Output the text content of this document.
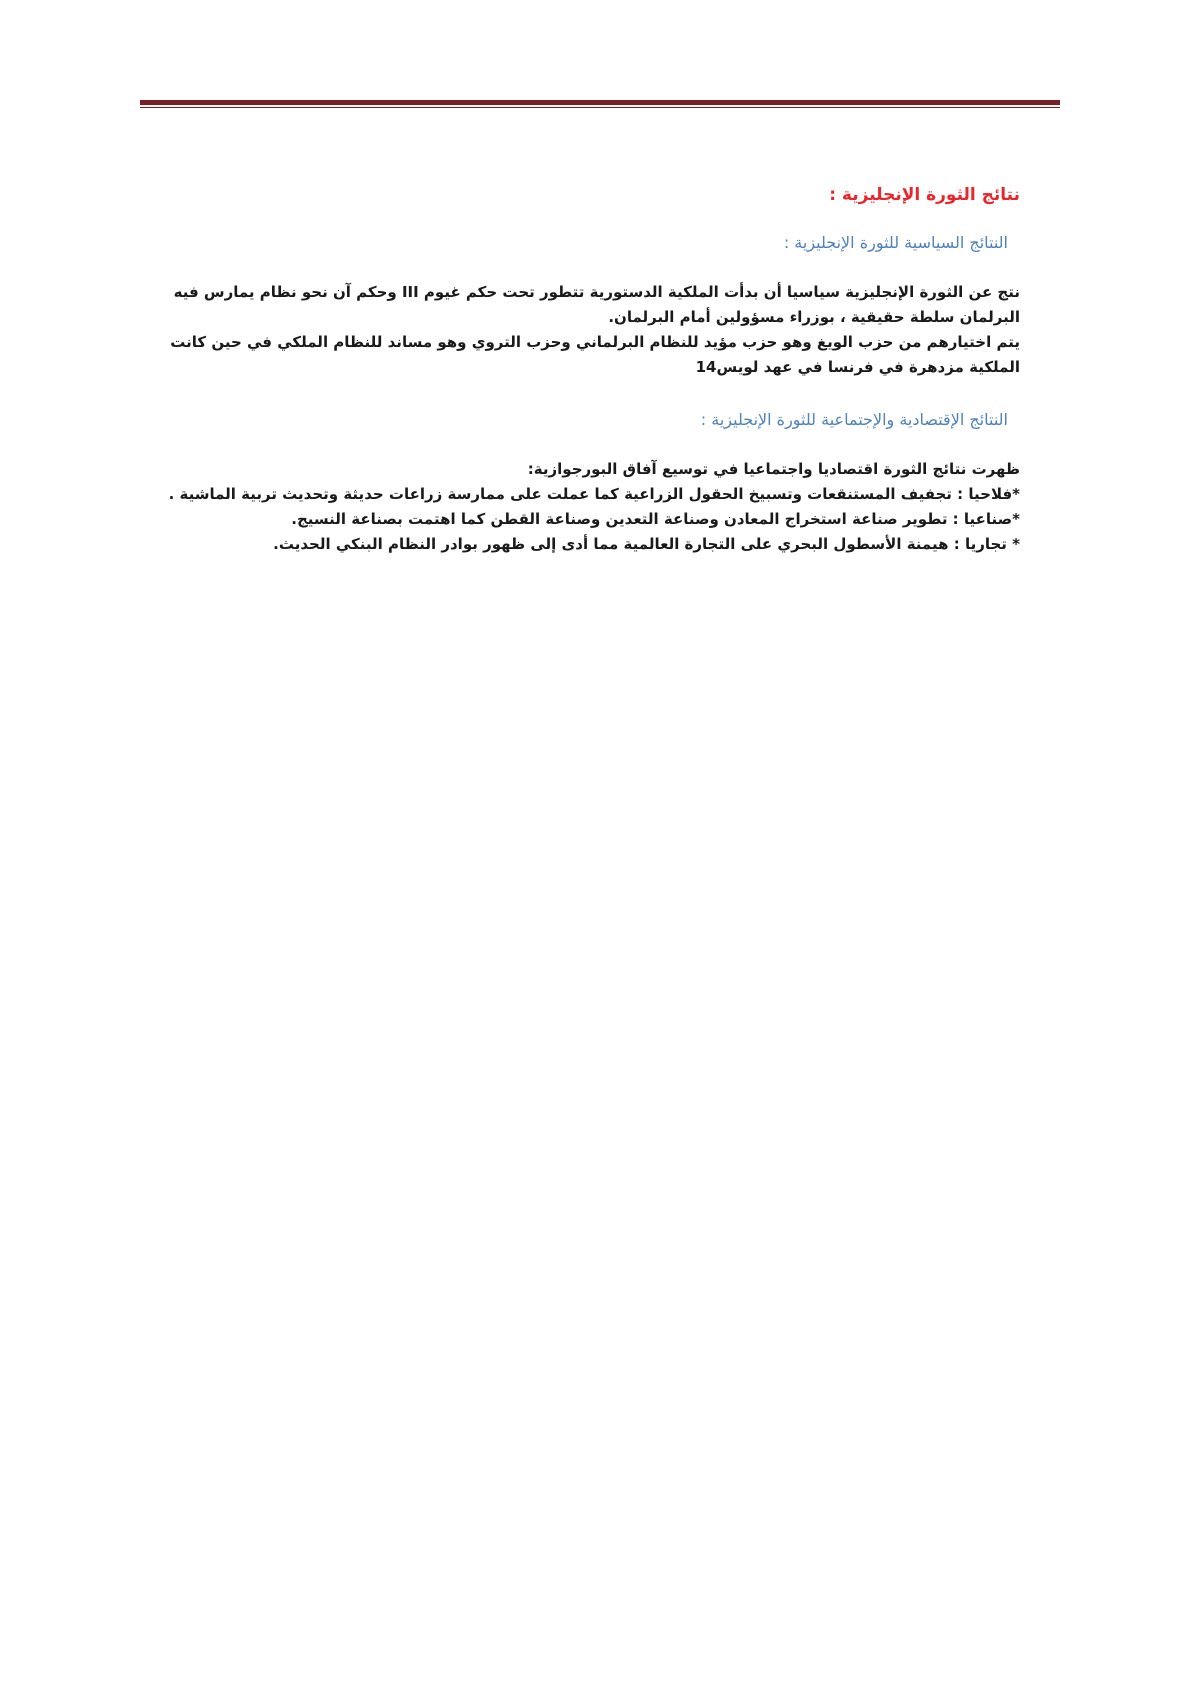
نتائج الثورة الإنجليزية :
النتائج السياسية للثورة الإنجليزية :

نتج عن الثورة الإنجليزية سياسيا أن بدأت الملكية الدستورية تتطور تحت حكم غيوم III وحكم آن نحو نظام يمارس فيه البرلمان سلطة حقيقية ، بوزراء مسؤولين أمام البرلمان.

يتم اختيارهم من حزب الويغ وهو حزب مؤيد للنظام البرلماني وحزب التروي وهو مساند للنظام الملكي في حين كانت الملكية مزدهرة في فرنسا في عهد لويس14

النتائج الإقتصادية والإجتماعية للثورة الإنجليزية :

ظهرت نتائج الثورة اقتصاديا واجتماعيا في توسيع آفاق البورجوازية:

*فلاحيا : تجفيف المستنقعات وتسبيخ الحقول الزراعية كما عملت على ممارسة زراعات حديثة وتحديث تربية الماشية .

*صناعيا : تطوير صناعة استخراج المعادن وصناعة التعدين وصناعة القطن كما اهتمت بصناعة النسيج.

* تجاريا : هيمنة الأسطول البحري على التجارة العالمية مما أدى إلى ظهور بوادر النظام البنكي الحديث.
